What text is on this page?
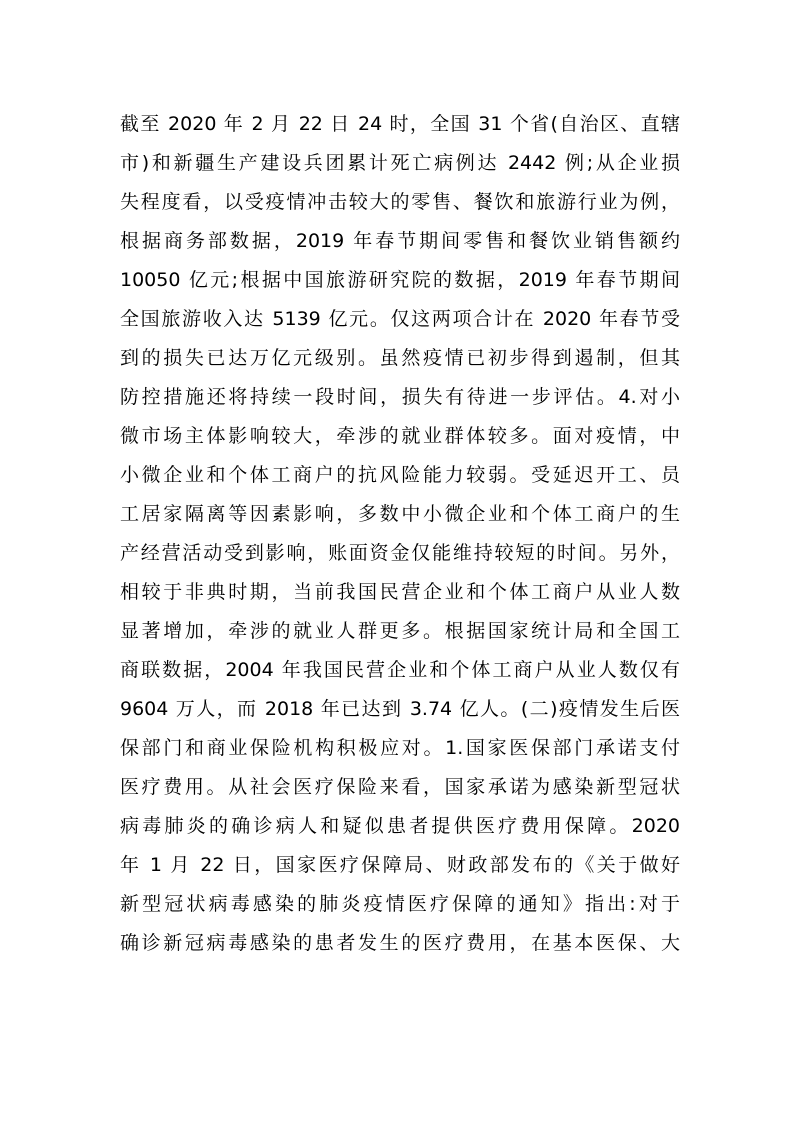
截至 2020 年 2 月 22 日 24 时，全国 31 个省(自治区、直辖
市)和新疆生产建设兵团累计死亡病例达 2442 例;从企业损
失程度看，以受疫情冲击较大的零售、餐饮和旅游行业为例，
根据商务部数据，2019 年春节期间零售和餐饮业销售额约
10050 亿元;根据中国旅游研究院的数据，2019 年春节期间
全国旅游收入达 5139 亿元。仅这两项合计在 2020 年春节受
到的损失已达万亿元级别。虽然疫情已初步得到遏制，但其
防控措施还将持续一段时间，损失有待进一步评估。4.对小
微市场主体影响较大，牵涉的就业群体较多。面对疫情，中
小微企业和个体工商户的抗风险能力较弱。受延迟开工、员
工居家隔离等因素影响，多数中小微企业和个体工商户的生
产经营活动受到影响，账面资金仅能维持较短的时间。另外，
相较于非典时期，当前我国民营企业和个体工商户从业人数
显著增加，牵涉的就业人群更多。根据国家统计局和全国工
商联数据，2004 年我国民营企业和个体工商户从业人数仅有
9604 万人，而 2018 年已达到 3.74 亿人。(二)疫情发生后医
保部门和商业保险机构积极应对。1.国家医保部门承诺支付
医疗费用。从社会医疗保险来看，国家承诺为感染新型冠状
病毒肺炎的确诊病人和疑似患者提供医疗费用保障。2020
年 1 月 22 日，国家医疗保障局、财政部发布的《关于做好
新型冠状病毒感染的肺炎疫情医疗保障的通知》指出:对于
确诊新冠病毒感染的患者发生的医疗费用，在基本医保、大
